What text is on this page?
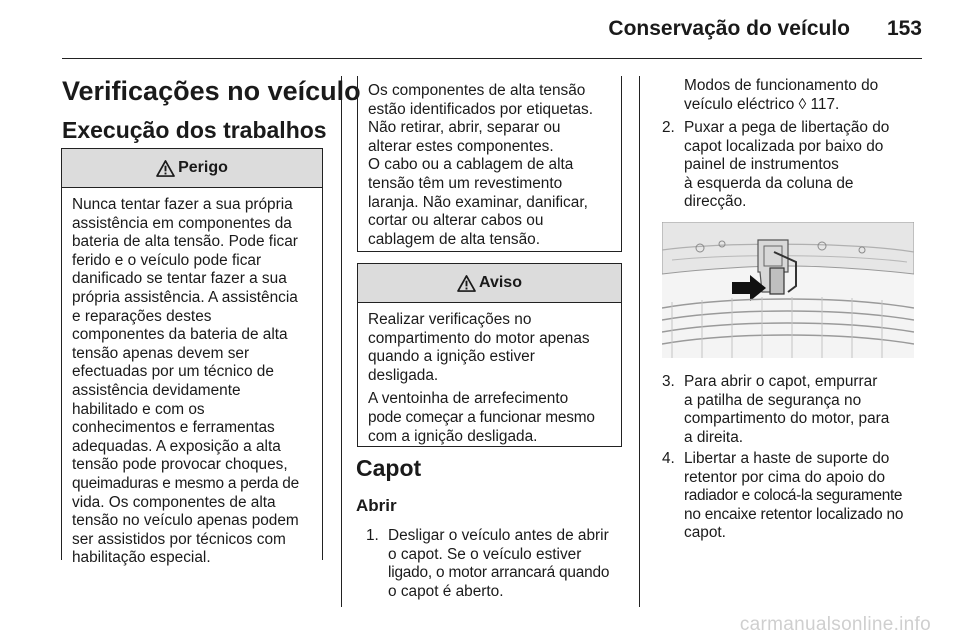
Conservação do veículo	153
Verificações no veículo
Execução dos trabalhos
Perigo
Nunca tentar fazer a sua própria
assistência em componentes da
bateria de alta tensão. Pode ficar
ferido e o veículo pode ficar
danificado se tentar fazer a sua
própria assistência. A assistência
e reparações destes
componentes da bateria de alta
tensão apenas devem ser
efectuadas por um técnico de
assistência devidamente
habilitado e com os
conhecimentos e ferramentas
adequadas. A exposição a alta
tensão pode provocar choques,
queimaduras e mesmo a perda de
vida. Os componentes de alta
tensão no veículo apenas podem
ser assistidos por técnicos com
habilitação especial.
Os componentes de alta tensão
estão identificados por etiquetas.
Não retirar, abrir, separar ou
alterar estes componentes.
O cabo ou a cablagem de alta
tensão têm um revestimento
laranja. Não examinar, danificar,
cortar ou alterar cabos ou
cablagem de alta tensão.
Aviso

Realizar verificações no
compartimento do motor apenas
quando a ignição estiver
desligada.

A ventoinha de arrefecimento
pode começar a funcionar mesmo
com a ignição desligada.

Capot
Abrir
1. Desligar o veículo antes de abrir
o capot. Se o veículo estiver
ligado, o motor arrancará quando
o capot é aberto.
Modos de funcionamento do
veículo eléctrico ◊ 117.
2. Puxar a pega de libertação do
capot localizada por baixo do
painel de instrumentos
à esquerda da coluna de
direcção.
3. Para abrir o capot, empurrar
a patilha de segurança no
compartimento do motor, para
a direita.
4. Libertar a haste de suporte do
retentor por cima do apoio do
radiador e colocá-la seguramente
no encaixe retentor localizado no
capot.
carmanualsonline.info
